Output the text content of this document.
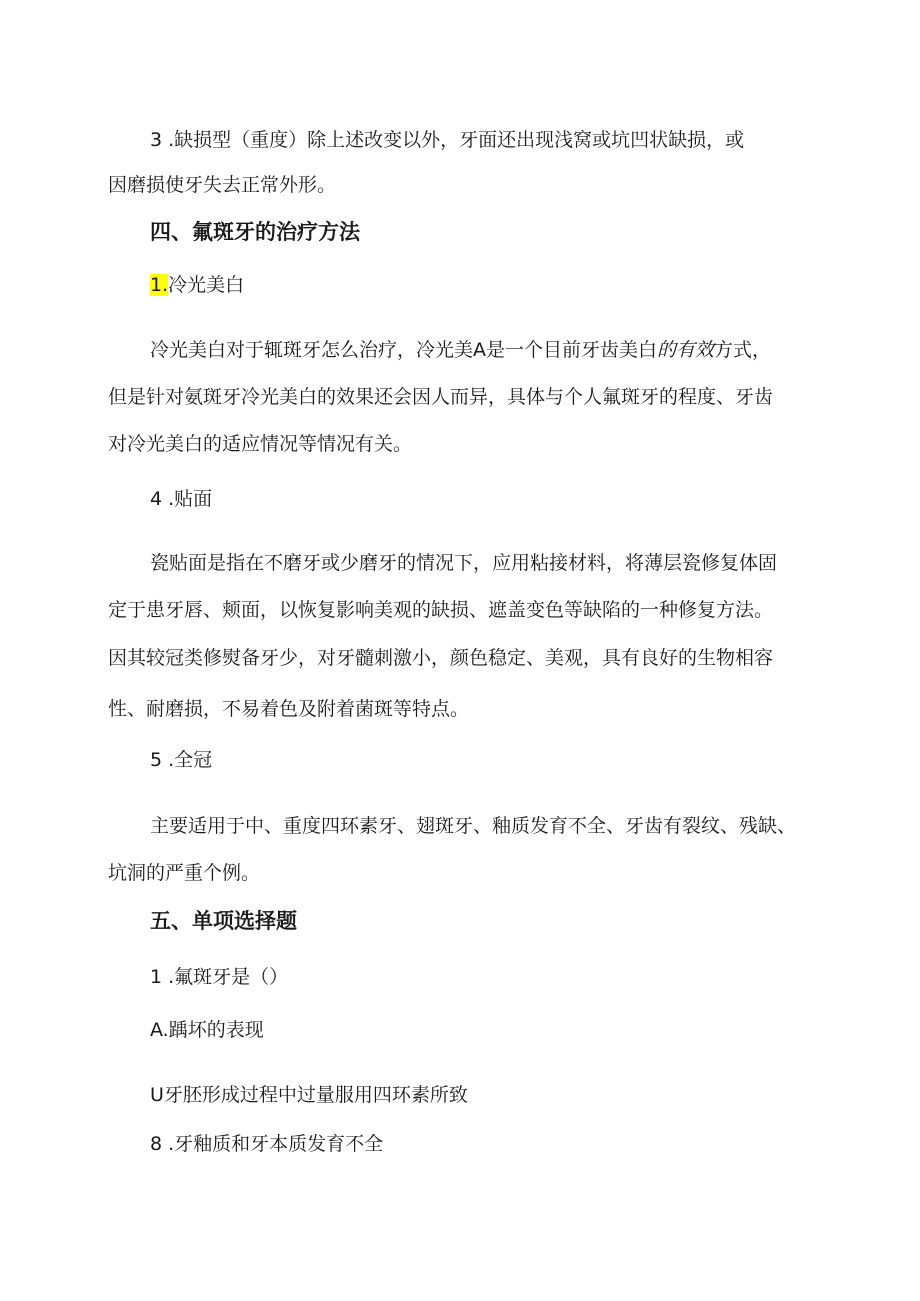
3 .缺损型（重度）除上述改变以外，牙面还出现浅窝或坑凹状缺损，或
因磨损使牙失去正常外形。
四、氟斑牙的治疗方法
1.冷光美白
冷光美白对于辄斑牙怎么治疗，冷光美A是一个目前牙齿美白的有效方式，
但是针对氨斑牙冷光美白的效果还会因人而异，具体与个人氟斑牙的程度、牙齿
对冷光美白的适应情况等情况有关。
4 .贴面
瓷贴面是指在不磨牙或少磨牙的情况下，应用粘接材料，将薄层瓷修复体固
定于患牙唇、颊面，以恢复影响美观的缺损、遮盖变色等缺陷的一种修复方法。
因其较冠类修熨备牙少，对牙髓刺激小，颜色稳定、美观，具有良好的生物相容
性、耐磨损，不易着色及附着菌斑等特点。
5 .全冠
主要适用于中、重度四环素牙、翅斑牙、釉质发育不全、牙齿有裂纹、残缺、
坑洞的严重个例。
五、单项选择题
1 .氟斑牙是（）
A.踽坏的表现
U牙胚形成过程中过量服用四环素所致
8 .牙釉质和牙本质发育不全
